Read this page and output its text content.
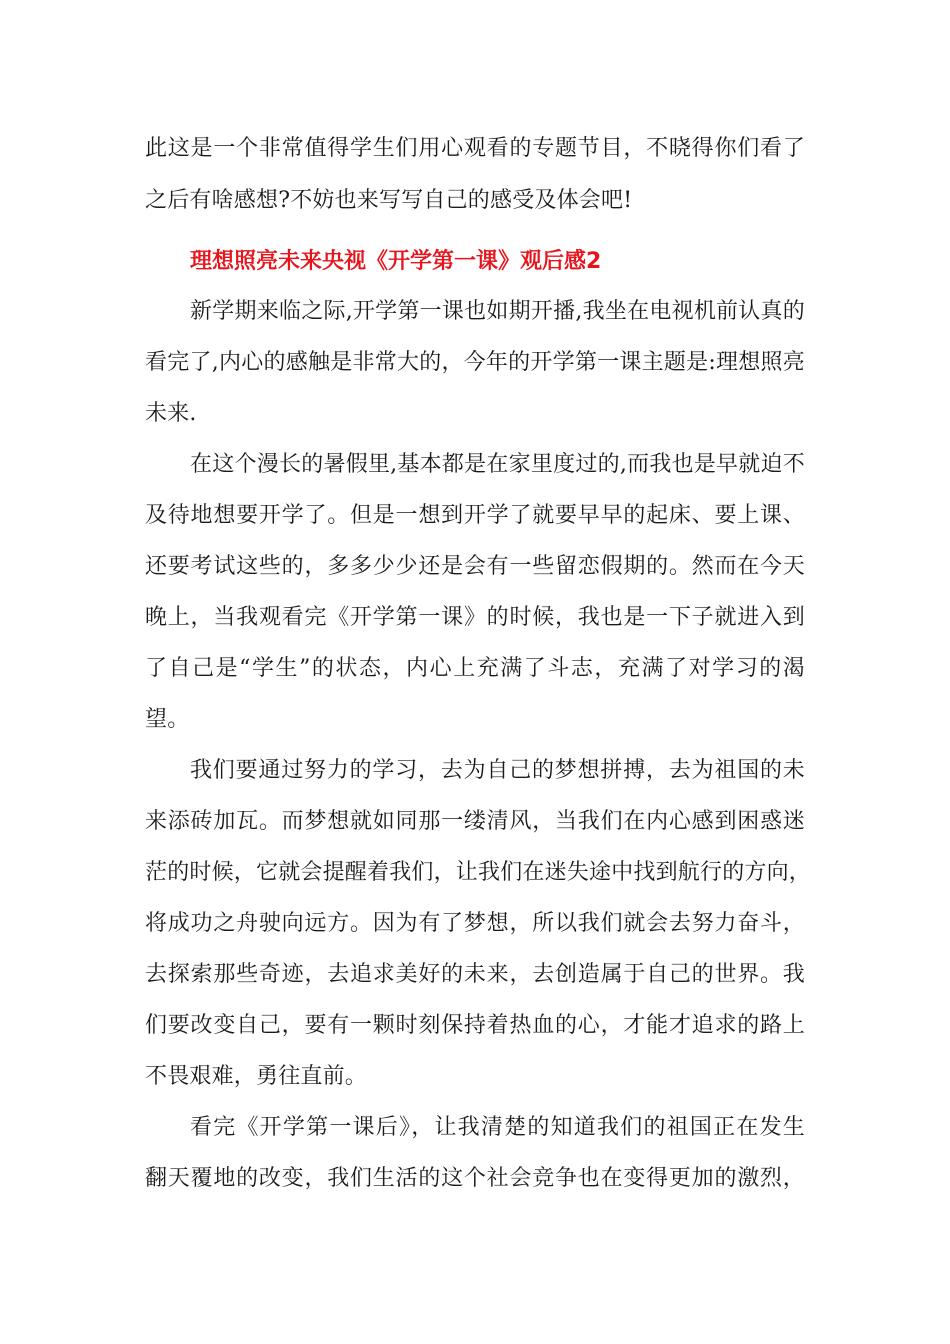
此这是一个非常值得学生们用心观看的专题节目，不晓得你们看了
之后有啥感想?不妨也来写写自己的感受及体会吧!
理想照亮未来央视《开学第一课》观后感2
新学期来临之际,开学第一课也如期开播,我坐在电视机前认真的
看完了,内心的感触是非常大的，今年的开学第一课主题是:理想照亮
未来.
在这个漫长的暑假里,基本都是在家里度过的,而我也是早就迫不
及待地想要开学了。但是一想到开学了就要早早的起床、要上课、
还要考试这些的，多多少少还是会有一些留恋假期的。然而在今天
晚上，当我观看完《开学第一课》的时候，我也是一下子就进入到
了自己是“学生”的状态，内心上充满了斗志，充满了对学习的渴
望。
我们要通过努力的学习，去为自己的梦想拼搏，去为祖国的未
来添砖加瓦。而梦想就如同那一缕清风，当我们在内心感到困惑迷
茫的时候，它就会提醒着我们，让我们在迷失途中找到航行的方向，
将成功之舟驶向远方。因为有了梦想，所以我们就会去努力奋斗，
去探索那些奇迹，去追求美好的未来，去创造属于自己的世界。我
们要改变自己，要有一颗时刻保持着热血的心，才能才追求的路上
不畏艰难，勇往直前。
看完《开学第一课后》，让我清楚的知道我们的祖国正在发生
翻天覆地的改变，我们生活的这个社会竞争也在变得更加的激烈，
